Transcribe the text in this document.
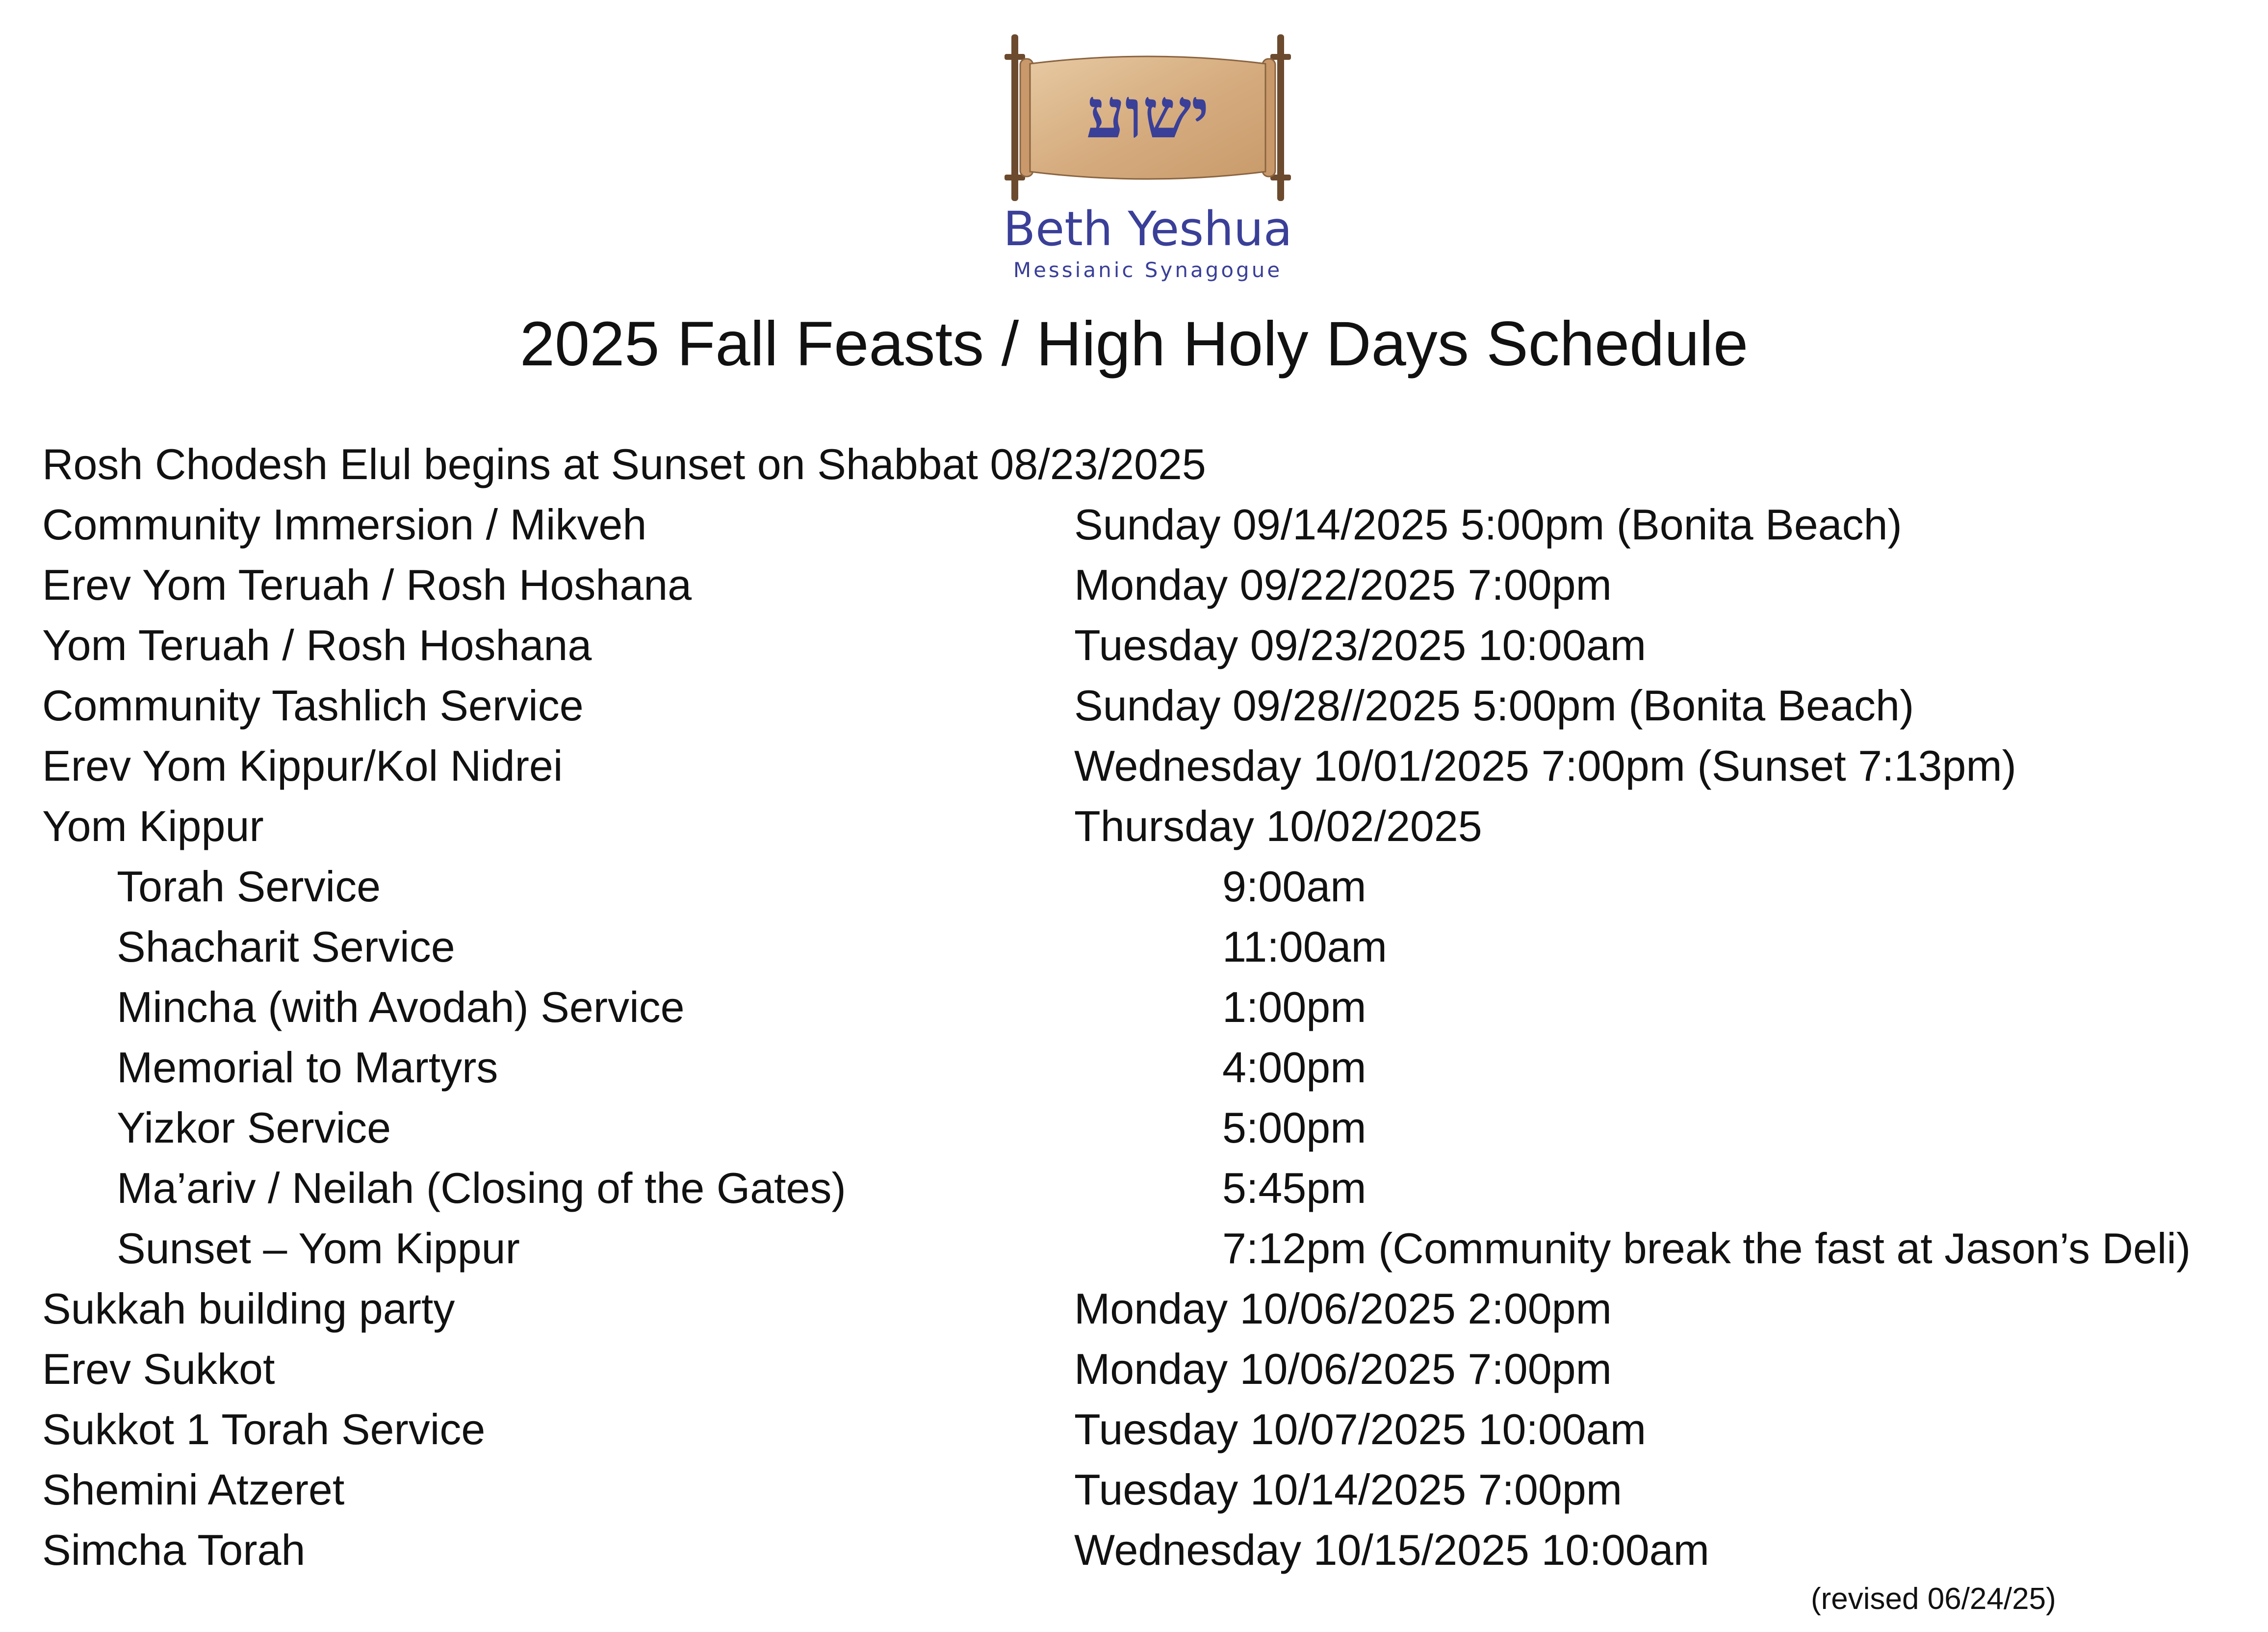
ישוע
Beth Yeshua
Messianic Synagogue
2025 Fall Feasts / High Holy Days Schedule
Rosh Chodesh Elul begins at Sunset on Shabbat 08/23/2025
Community Immersion / Mikveh	Sunday 09/14/2025 5:00pm (Bonita Beach)
Erev Yom Teruah / Rosh Hoshana	Monday 09/22/2025 7:00pm
Yom Teruah / Rosh Hoshana	Tuesday 09/23/2025 10:00am
Community Tashlich Service	Sunday 09/28//2025 5:00pm (Bonita Beach)
Erev Yom Kippur/Kol Nidrei	Wednesday 10/01/2025 7:00pm (Sunset 7:13pm)
Yom Kippur	Thursday 10/02/2025
Torah Service	9:00am
Shacharit Service	11:00am
Mincha (with Avodah) Service	1:00pm
Memorial to Martyrs	4:00pm
Yizkor Service	5:00pm
Ma’ariv / Neilah (Closing of the Gates)	5:45pm
Sunset – Yom Kippur	7:12pm (Community break the fast at Jason’s Deli)
Sukkah building party	Monday 10/06/2025 2:00pm
Erev Sukkot	Monday 10/06/2025 7:00pm
Sukkot 1 Torah Service	Tuesday 10/07/2025 10:00am
Shemini Atzeret	Tuesday 10/14/2025 7:00pm
Simcha Torah	Wednesday 10/15/2025 10:00am
(revised 06/24/25)
